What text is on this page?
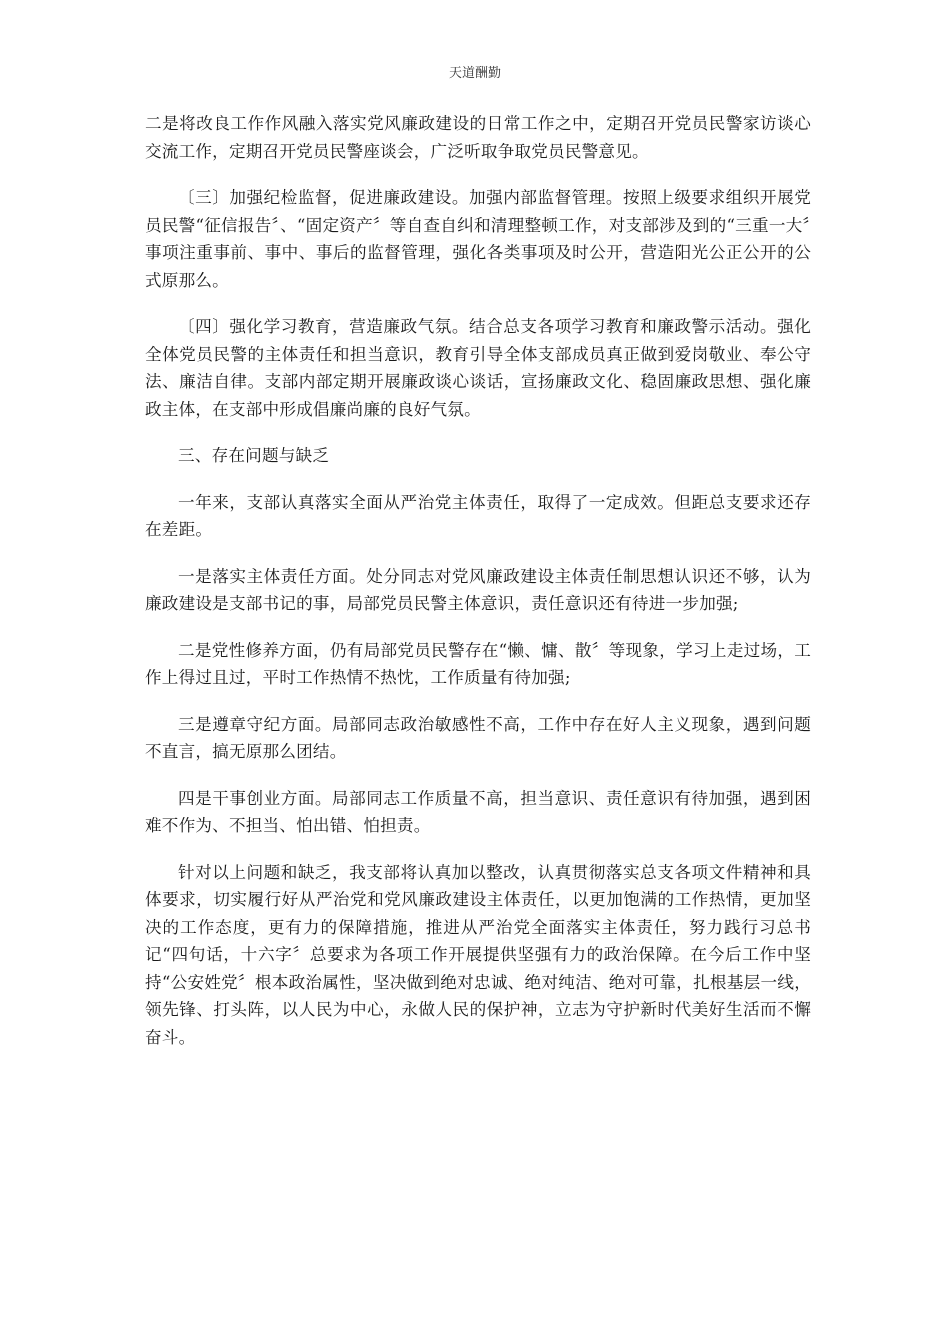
天道酬勤

二是将改良工作作风融入落实党风廉政建设的日常工作之中，定期召开党员民警家访谈心交流工作，定期召开党员民警座谈会，广泛听取争取党员民警意见。

〔三〕加强纪检监督，促进廉政建设。加强内部监督管理。按照上级要求组织开展党员民警“征信报告〞、“固定资产〞等自查自纠和清理整顿工作，对支部涉及到的“三重一大〞事项注重事前、事中、事后的监督管理，强化各类事项及时公开，营造阳光公正公开的公式原那么。

〔四〕强化学习教育，营造廉政气氛。结合总支各项学习教育和廉政警示活动。强化全体党员民警的主体责任和担当意识，教育引导全体支部成员真正做到爱岗敬业、奉公守法、廉洁自律。支部内部定期开展廉政谈心谈话，宣扬廉政文化、稳固廉政思想、强化廉政主体，在支部中形成倡廉尚廉的良好气氛。

三、存在问题与缺乏

一年来，支部认真落实全面从严治党主体责任，取得了一定成效。但距总支要求还存在差距。

一是落实主体责任方面。处分同志对党风廉政建设主体责任制思想认识还不够，认为廉政建设是支部书记的事，局部党员民警主体意识，责任意识还有待进一步加强;

二是党性修养方面，仍有局部党员民警存在“懒、慵、散〞等现象，学习上走过场，工作上得过且过，平时工作热情不热忱，工作质量有待加强;

三是遵章守纪方面。局部同志政治敏感性不高，工作中存在好人主义现象，遇到问题不直言，搞无原那么团结。

四是干事创业方面。局部同志工作质量不高，担当意识、责任意识有待加强，遇到困难不作为、不担当、怕出错、怕担责。

针对以上问题和缺乏，我支部将认真加以整改，认真贯彻落实总支各项文件精神和具体要求，切实履行好从严治党和党风廉政建设主体责任，以更加饱满的工作热情，更加坚决的工作态度，更有力的保障措施，推进从严治党全面落实主体责任，努力践行习总书记“四句话，十六字〞总要求为各项工作开展提供坚强有力的政治保障。在今后工作中坚持“公安姓党〞根本政治属性，坚决做到绝对忠诚、绝对纯洁、绝对可靠，扎根基层一线，领先锋、打头阵，以人民为中心，永做人民的保护神，立志为守护新时代美好生活而不懈奋斗。
